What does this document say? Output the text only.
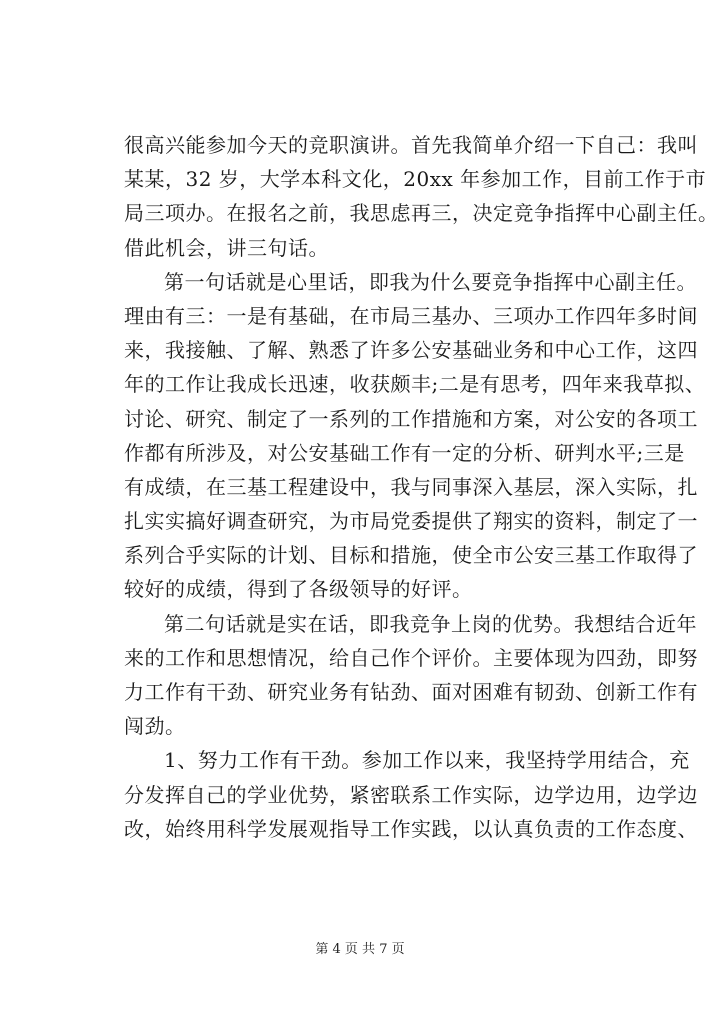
很高兴能参加今天的竞职演讲。首先我简单介绍一下自己：我叫
某某，32 岁，大学本科文化，20xx 年参加工作，目前工作于市
局三项办。在报名之前，我思虑再三，决定竞争指挥中心副主任。
借此机会，讲三句话。
第一句话就是心里话，即我为什么要竞争指挥中心副主任。
理由有三：一是有基础，在市局三基办、三项办工作四年多时间
来，我接触、了解、熟悉了许多公安基础业务和中心工作，这四
年的工作让我成长迅速，收获颇丰;二是有思考，四年来我草拟、
讨论、研究、制定了一系列的工作措施和方案，对公安的各项工
作都有所涉及，对公安基础工作有一定的分析、研判水平;三是
有成绩，在三基工程建设中，我与同事深入基层，深入实际，扎
扎实实搞好调查研究，为市局党委提供了翔实的资料，制定了一
系列合乎实际的计划、目标和措施，使全市公安三基工作取得了
较好的成绩，得到了各级领导的好评。
第二句话就是实在话，即我竞争上岗的优势。我想结合近年
来的工作和思想情况，给自己作个评价。主要体现为四劲，即努
力工作有干劲、研究业务有钻劲、面对困难有韧劲、创新工作有
闯劲。
1、努力工作有干劲。参加工作以来，我坚持学用结合，充
分发挥自己的学业优势，紧密联系工作实际，边学边用，边学边
改，始终用科学发展观指导工作实践，以认真负责的工作态度、
第 4 页 共 7 页
